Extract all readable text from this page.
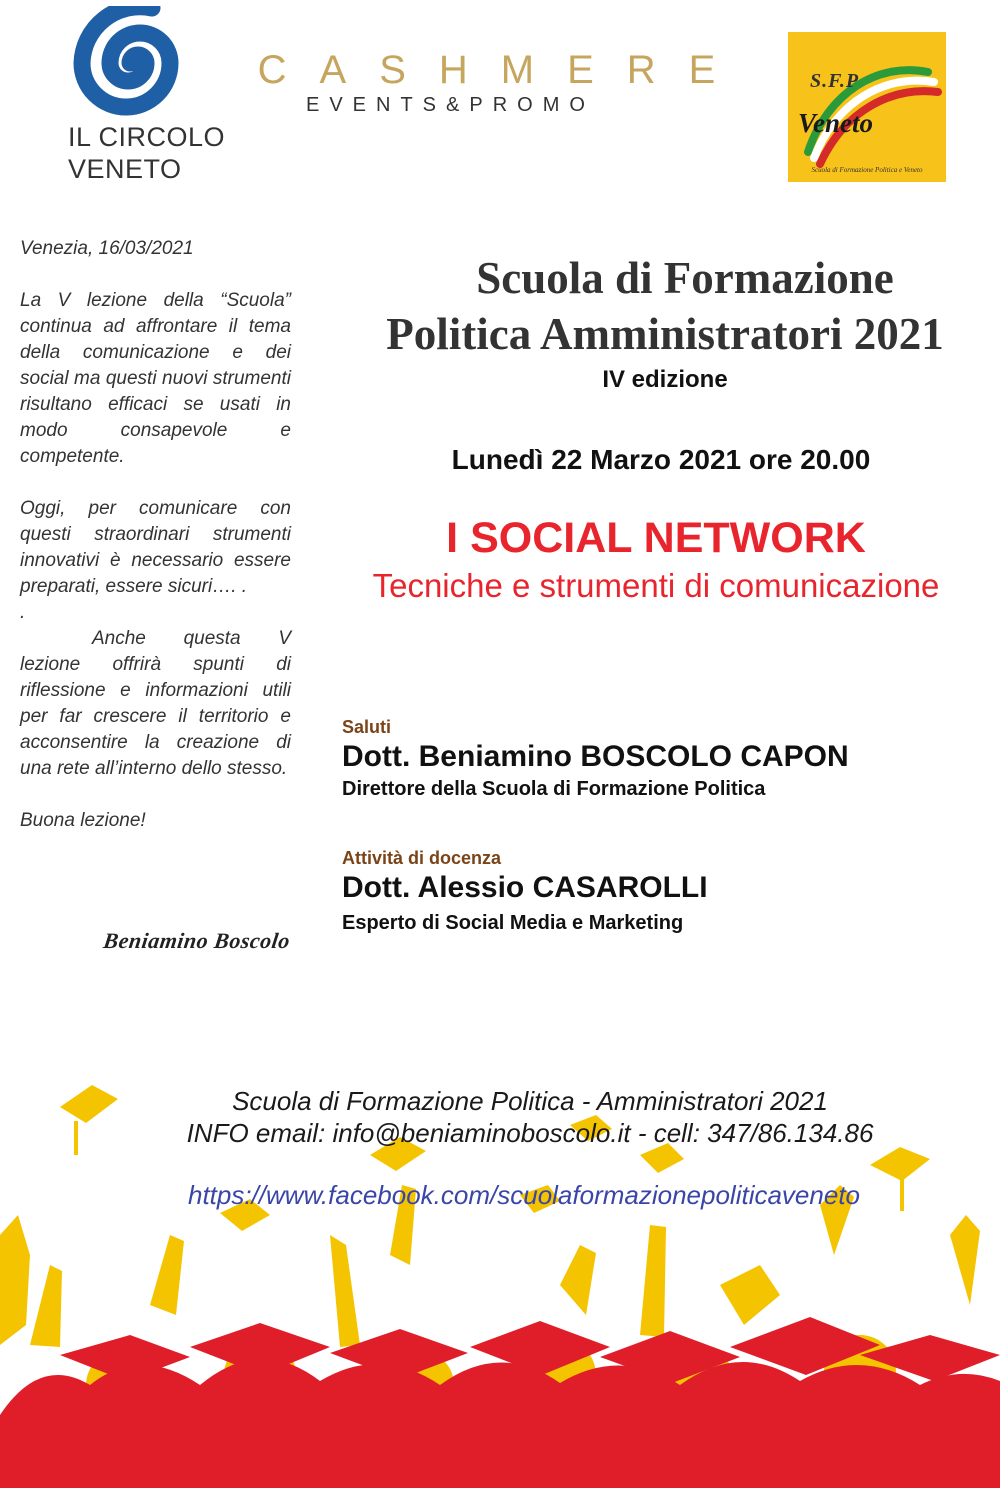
IL CIRCOLO
VENETO
CASHMERE
EVENTS&PROMO
S.F.P
Veneto
Scuola di Formazione Politica e Veneto

Venezia, 16/03/2021

La V lezione della “Scuola” continua ad affrontare il tema della comunicazione e dei social ma questi nuovi strumenti risultano efficaci se usati in modo consapevole e competente.

Oggi, per comunicare con questi straordinari strumenti innovativi è necessario essere preparati, essere sicuri…. .

.

Anche questa V lezione offrirà spunti di riflessione e informazioni utili per far crescere il territorio e acconsentire la creazione di una rete all’interno dello stesso.

Buona lezione!

Beniamino Boscolo
Scuola di Formazione
Politica Amministratori 2021
IV edizione
Lunedì 22 Marzo 2021 ore 20.00
I SOCIAL NETWORK
Tecniche e strumenti di comunicazione
Saluti
Dott. Beniamino BOSCOLO CAPON
Direttore della Scuola di Formazione Politica
Attività di docenza
Dott. Alessio CASAROLLI
Esperto di Social Media e Marketing
Scuola di Formazione Politica - Amministratori 2021
INFO email: info@beniaminoboscolo.it - cell: 347/86.134.86
https://www.facebook.com/scuolaformazionepoliticaveneto
